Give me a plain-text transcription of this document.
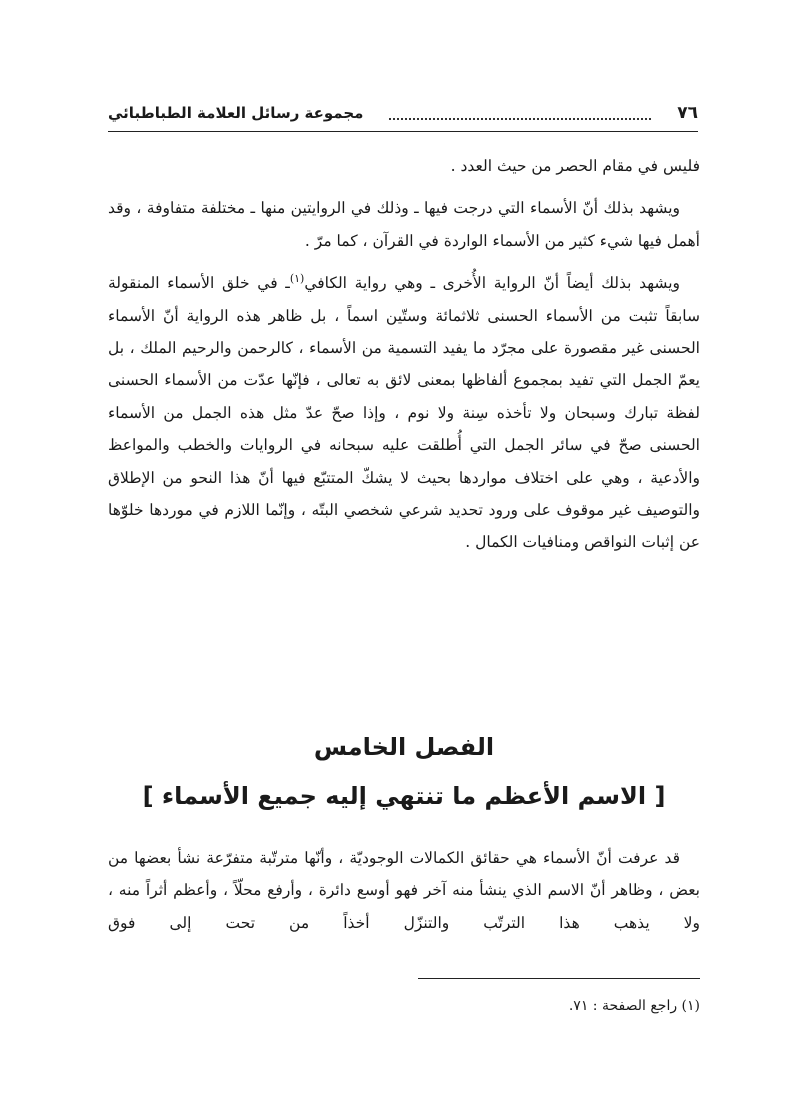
٧٦
مجموعة رسائل العلامة الطباطبائي

فليس في مقام الحصر من حيث العدد .

ويشهد بذلك أنّ الأسماء التي درجت فيها ـ وذلك في الروايتين منها ـ مختلفة متفاوفة ، وقد أهمل فيها شيء كثير من الأسماء الواردة في القرآن ، كما مرّ .

ويشهد بذلك أيضاً أنّ الرواية الأُخرى ـ وهي رواية الكافي$^{(١)}$ـ في خلق الأسماء المنقولة سابقاً تثبت من الأسماء الحسنى ثلاثمائة وستّين اسماً ، بل ظاهر هذه الرواية أنّ الأسماء الحسنى غير مقصورة على مجرّد ما يفيد التسمية من الأسماء ، كالرحمن والرحيم الملك ، بل يعمّ الجمل التي تفيد بمجموع ألفاظها بمعنى لائق به تعالى ، فإنّها عدّت من الأسماء الحسنى لفظة تبارك وسبحان ولا تأخذه سِنة ولا نوم ، وإذا صحّ عدّ مثل هذه الجمل من الأسماء الحسنى صحّ في سائر الجمل التي أُطلقت عليه سبحانه في الروايات والخطب والمواعظ والأدعية ، وهي على اختلاف مواردها بحيث لا يشكّ المتتبّع فيها أنّ هذا النحو من الإطلاق والتوصيف غير موقوف على ورود تحديد شرعي شخصي البتّه ، وإنّما اللازم في موردها خلوّها عن إثبات النواقص ومنافيات الكمال .

الفصل الخامس
[ الاسم الأعظم ما تنتهي إليه جميع الأسماء ]

قد عرفت أنّ الأسماء هي حقائق الكمالات الوجوديّة ، وأنّها مترتّبة متفرّعة نشأ بعضها من بعض ، وظاهر أنّ الاسم الذي ينشأ منه آخر فهو أوسع دائرة ، وأرفع محلّاً ، وأعظم أثراً منه ، ولا يذهب هذا الترتّب والتنزّل أخذاً من تحت إلى فوق

(١) راجع الصفحة : ٧١.
